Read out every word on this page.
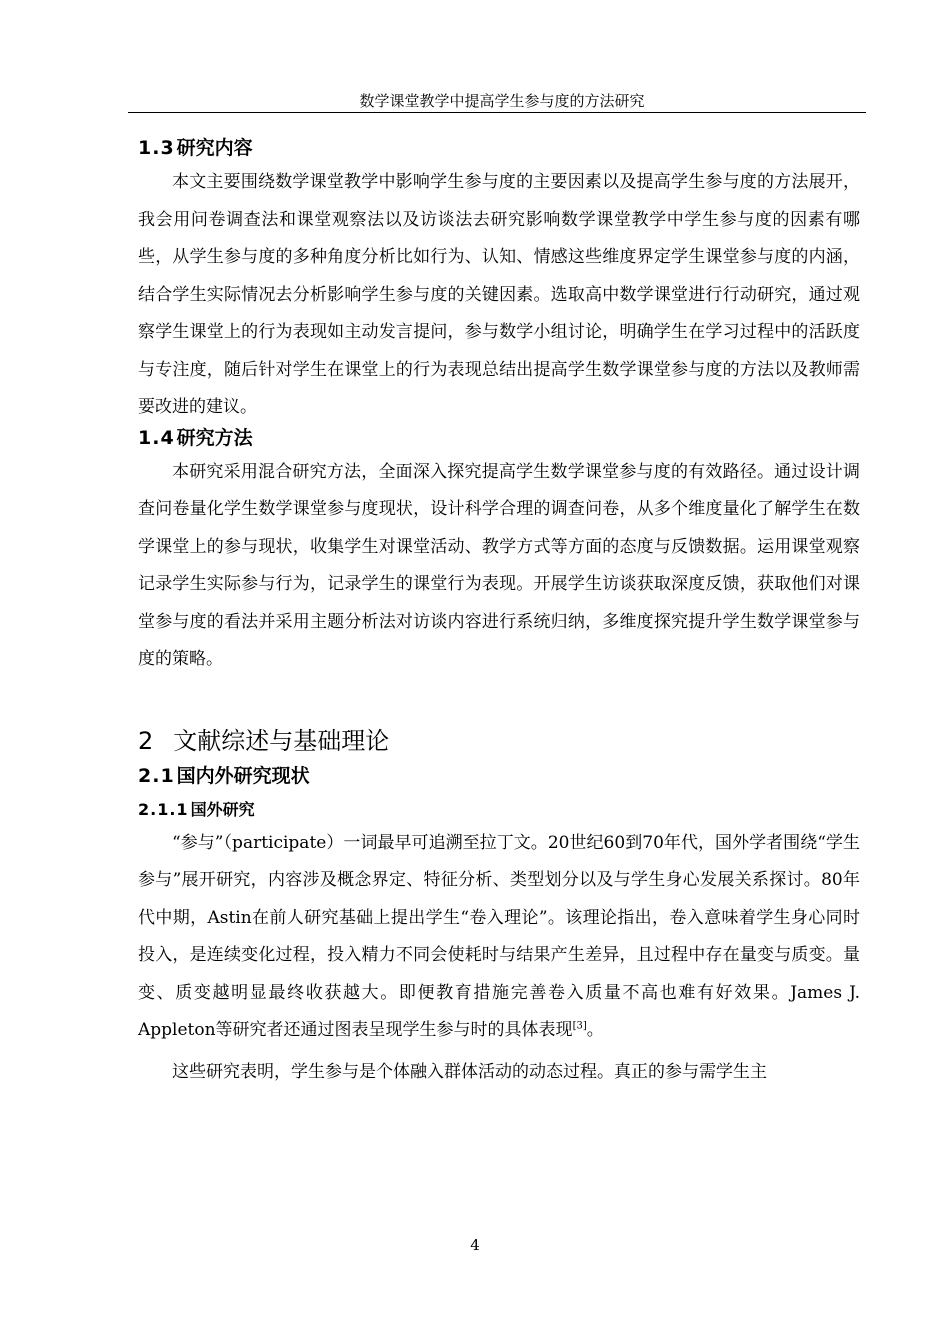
数学课堂教学中提高学生参与度的方法研究
1.3 研究内容

本文主要围绕数学课堂教学中影响学生参与度的主要因素以及提高学生参与度的方法展开，我会用问卷调查法和课堂观察法以及访谈法去研究影响数学课堂教学中学生参与度的因素有哪些，从学生参与度的多种角度分析比如行为、认知、情感这些维度界定学生课堂参与度的内涵，结合学生实际情况去分析影响学生参与度的关键因素。选取高中数学课堂进行行动研究，通过观察学生课堂上的行为表现如主动发言提问，参与数学小组讨论，明确学生在学习过程中的活跃度与专注度，随后针对学生在课堂上的行为表现总结出提高学生数学课堂参与度的方法以及教师需要改进的建议。

1.4 研究方法

本研究采用混合研究方法，全面深入探究提高学生数学课堂参与度的有效路径。通过设计调查问卷量化学生数学课堂参与度现状，设计科学合理的调查问卷，从多个维度量化了解学生在数学课堂上的参与现状，收集学生对课堂活动、教学方式等方面的态度与反馈数据。运用课堂观察记录学生实际参与行为，记录学生的课堂行为表现。开展学生访谈获取深度反馈，获取他们对课堂参与度的看法并采用主题分析法对访谈内容进行系统归纳，多维度探究提升学生数学课堂参与度的策略。

2 文献综述与基础理论
2.1 国内外研究现状
2.1.1 国外研究

“参与”（participate）一词最早可追溯至拉丁文。20世纪60到70年代，国外学者围绕“学生参与”展开研究，内容涉及概念界定、特征分析、类型划分以及与学生身心发展关系探讨。80年代中期，Astin在前人研究基础上提出学生“卷入理论”。该理论指出，卷入意味着学生身心同时投入，是连续变化过程，投入精力不同会使耗时与结果产生差异，且过程中存在量变与质变。量变、质变越明显最终收获越大。即便教育措施完善卷入质量不高也难有好效果。James J. Appleton等研究者还通过图表呈现学生参与时的具体表现[3]。

这些研究表明，学生参与是个体融入群体活动的动态过程。真正的参与需学生主

4
